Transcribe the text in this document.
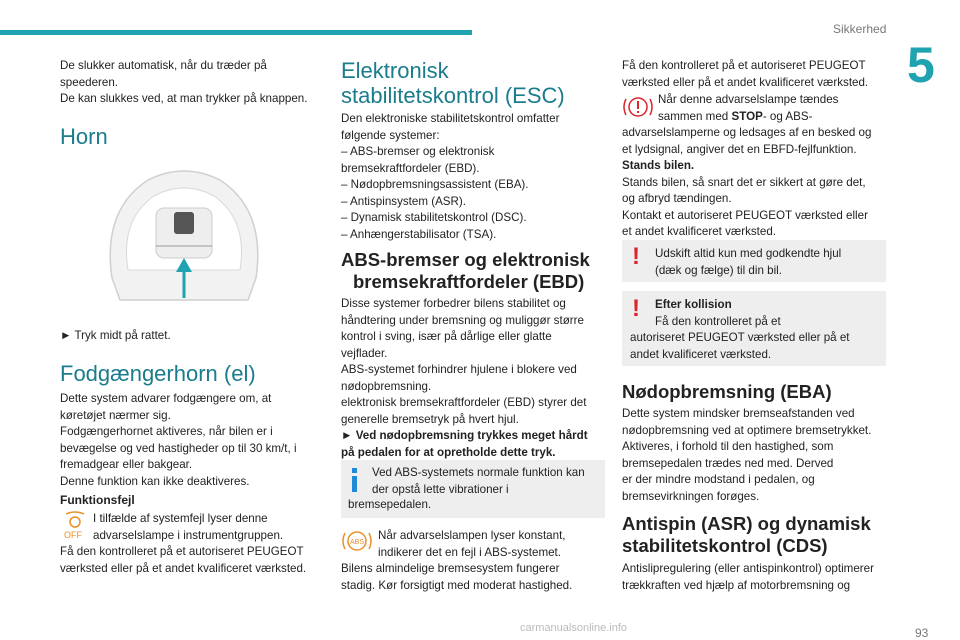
Sikkerhed
5
93

De slukker automatisk, når du træder på

speederen.

De kan slukkes ved, at man trykker på knappen.

Horn
► Tryk midt på rattet.
Fodgængerhorn (el)

Dette system advarer fodgængere om, at

køretøjet nærmer sig.

Fodgængerhornet aktiveres, når bilen er i

bevægelse og ved hastigheder op til 30 km/t, i

fremadgear eller bakgear.

Denne funktion kan ikke deaktiveres.

Funktionsfejl
OFF

I tilfælde af systemfejl lyser denne

advarselslampe i instrumentgruppen.

Få den kontrolleret på et autoriseret PEUGEOT

værksted eller på et andet kvalificeret værksted.

Elektronisk

stabilitetskontrol (ESC)

Den elektroniske stabilitetskontrol omfatter

følgende systemer:

– ABS-bremser og elektronisk

bremsekraftfordeler (EBD).

– Nødopbremsningsassistent (EBA).

– Antispinsystem (ASR).

– Dynamisk stabilitetskontrol (DSC).

– Anhængerstabilisator (TSA).

ABS-bremser og elektronisk

bremsekraftfordeler (EBD)

Disse systemer forbedrer bilens stabilitet og

håndtering under bremsning og muliggør større

kontrol i sving, især på dårlige eller glatte

vejflader.

ABS-systemet forhindrer hjulene i blokere ved

nødopbremsning.

elektronisk bremsekraftfordeler (EBD) styrer det

generelle bremsetryk på hvert hjul.

► Ved nødopbremsning trykkes meget hårdt

på pedalen for at opretholde dette tryk.

Ved ABS-systemets normale funktion kan

der opstå lette vibrationer i

bremsepedalen.
ABS

Når advarselslampen lyser konstant,

indikerer det en fejl i ABS-systemet.

Bilens almindelige bremsesystem fungerer

stadig. Kør forsigtigt med moderat hastighed.

Få den kontrolleret på et autoriseret PEUGEOT

værksted eller på et andet kvalificeret værksted.

Når denne advarselslampe tændes

sammen med STOP- og ABS-

advarselslamperne og ledsages af en besked og

et lydsignal, angiver det en EBFD-fejlfunktion.

Stands bilen.

Stands bilen, så snart det er sikkert at gøre det,

og afbryd tændingen.

Kontakt et autoriseret PEUGEOT værksted eller

et andet kvalificeret værksted.

! Udskift altid kun med godkendte hjul

(dæk og fælge) til din bil.

! Efter kollision

Få den kontrolleret på et

autoriseret PEUGEOT værksted eller på et

andet kvalificeret værksted.

Nødopbremsning (EBA)

Dette system mindsker bremseafstanden ved

nødopbremsning ved at optimere bremsetrykket.

Aktiveres, i forhold til den hastighed, som

bremsepedalen trædes ned med. Derved

er der mindre modstand i pedalen, og

bremsevirkningen forøges.

Antispin (ASR) og dynamisk

stabilitetskontrol (CDS)

Antislipregulering (eller antispinkontrol) optimerer

trækkraften ved hjælp af motorbremsning og

carmanualsonline.info
